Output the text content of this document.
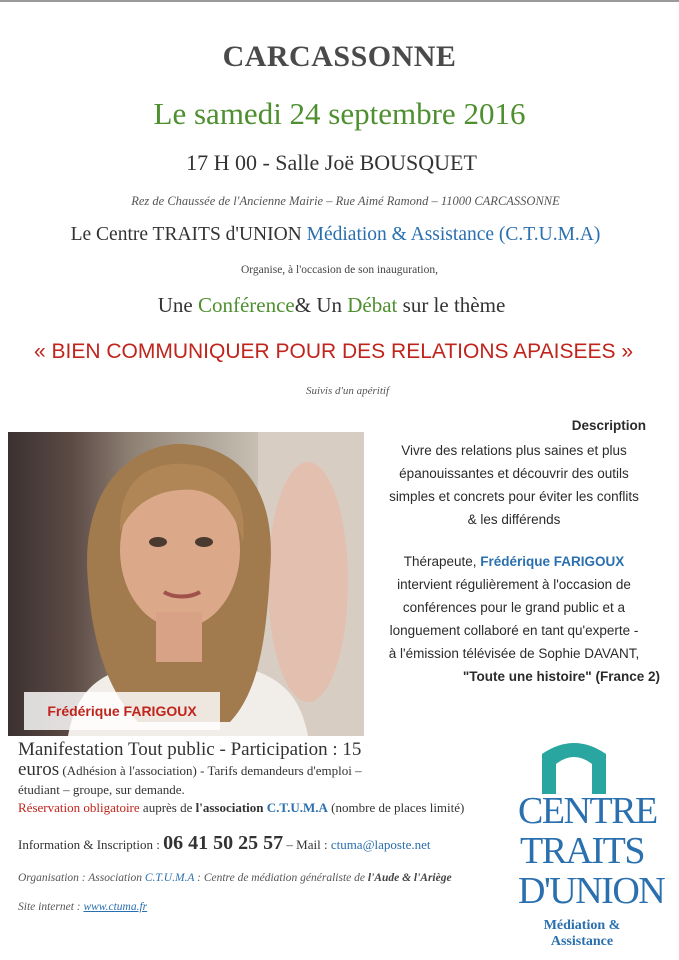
CARCASSONNE
Le samedi 24 septembre 2016
17 H 00 - Salle Joë BOUSQUET
Rez de Chaussée de l'Ancienne Mairie – Rue Aimé Ramond – 11000 CARCASSONNE
Le Centre TRAITS d'UNION Médiation & Assistance (C.T.U.M.A)
Organise, à l'occasion de son inauguration,
Une Conférence& Un Débat sur le thème
« BIEN COMMUNIQUER POUR DES RELATIONS APAISEES »
Suivis d'un apéritif
Frédérique FARIGOUX
Description
Vivre des relations plus saines et plus
épanouissantes et découvrir des outils
simples et concrets pour éviter les conflits
& les différends
Thérapeute, Frédérique FARIGOUX
intervient régulièrement à l'occasion de
conférences pour le grand public et a
longuement collaboré en tant qu'experte -
à l'émission télévisée de Sophie DAVANT,
"Toute une histoire" (France 2)
Manifestation Tout public - Participation : 15 euros (Adhésion à l'association) - Tarifs demandeurs d'emploi – étudiant – groupe, sur demande.
Réservation obligatoire auprès de l'association C.T.U.M.A (nombre de places limité)
Information & Inscription : 06 41 50 25 57 – Mail : ctuma@laposte.net
Organisation : Association C.T.U.M.A : Centre de médiation généraliste de l'Aude & l'Ariège
Site internet : www.ctuma.fr
CENTRE
TRAITS
D'UNION
Médiation & Assistance
